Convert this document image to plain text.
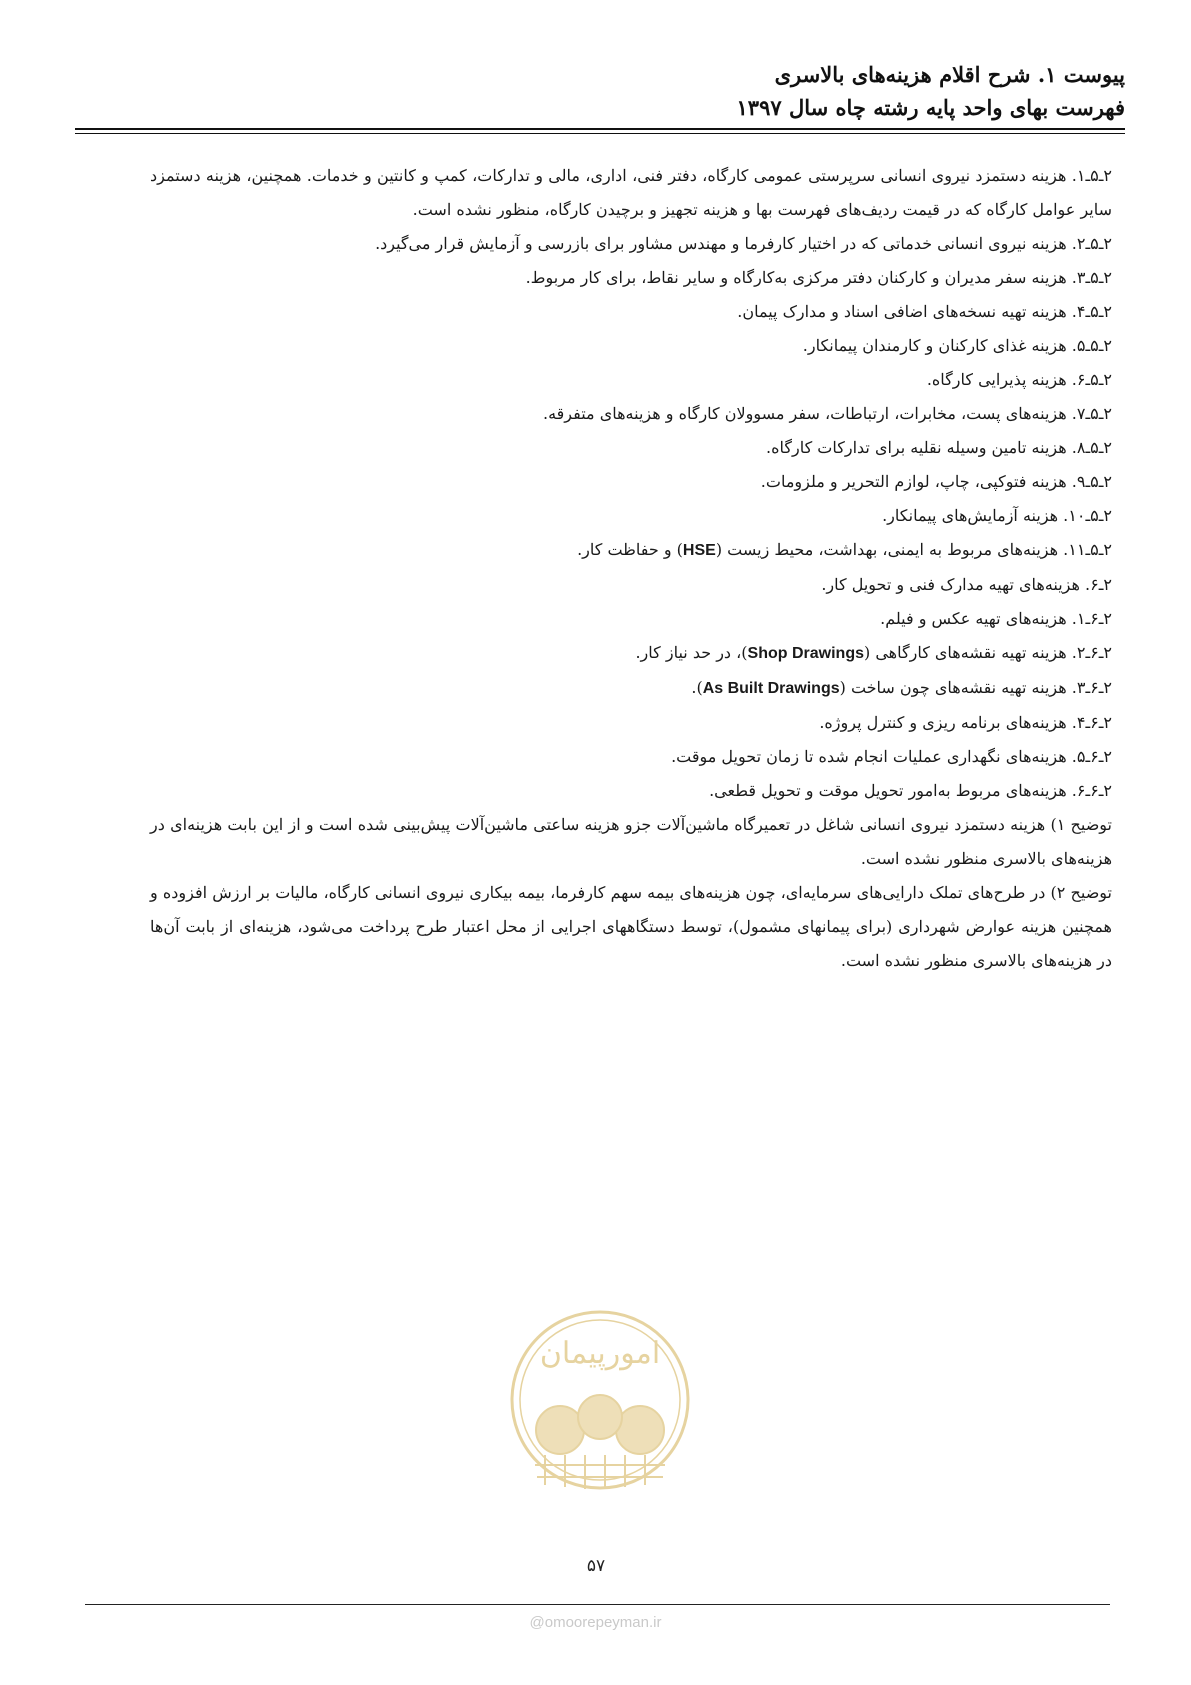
پیوست ۱. شرح اقلام هزینه‌های بالاسری
فهرست بهای واحد پایه رشته چاه سال ۱۳۹۷

۲ـ۵ـ۱. هزینه دستمزد نیروی انسانی سرپرستی عمومی کارگاه، دفتر فنی، اداری، مالی و تدارکات، کمپ و کانتین و خدمات. همچنین، هزینه دستمزد سایر عوامل کارگاه که در قیمت ردیف‌های فهرست بها و هزینه تجهیز و برچیدن کارگاه، منظور نشده است.

۲ـ۵ـ۲. هزینه نیروی انسانی خدماتی که در اختیار کارفرما و مهندس مشاور برای بازرسی و آزمایش قرار می‌گیرد.

۲ـ۵ـ۳. هزینه سفر مدیران و کارکنان دفتر مرکزی به‌کارگاه و سایر نقاط، برای کار مربوط.

۲ـ۵ـ۴. هزینه تهیه نسخه‌های اضافی اسناد و مدارک پیمان.

۲ـ۵ـ۵. هزینه غذای کارکنان و کارمندان پیمانکار.

۲ـ۵ـ۶. هزینه پذیرایی کارگاه.

۲ـ۵ـ۷. هزینه‌های پست، مخابرات، ارتباطات، سفر مسوولان کارگاه و هزینه‌های متفرقه.

۲ـ۵ـ۸. هزینه تامین وسیله نقلیه برای تدارکات کارگاه.

۲ـ۵ـ۹. هزینه فتوکپی، چاپ، لوازم التحریر و ملزومات.

۲ـ۵ـ۱۰. هزینه آزمایش‌های پیمانکار.

۲ـ۵ـ۱۱. هزینه‌های مربوط به ایمنی، بهداشت، محیط زیست (HSE) و حفاظت کار.

۲ـ۶. هزینه‌های تهیه مدارک فنی و تحویل کار.

۲ـ۶ـ۱. هزینه‌های تهیه عکس و فیلم.

۲ـ۶ـ۲. هزینه تهیه نقشه‌های کارگاهی (Shop Drawings)، در حد نیاز کار.

۲ـ۶ـ۳. هزینه تهیه نقشه‌های چون ساخت (As Built Drawings).

۲ـ۶ـ۴. هزینه‌های برنامه ریزی و کنترل پروژه.

۲ـ۶ـ۵. هزینه‌های نگهداری عملیات انجام شده تا زمان تحویل موقت.

۲ـ۶ـ۶. هزینه‌های مربوط به‌امور تحویل موقت و تحویل قطعی.

توضیح ۱) هزینه دستمزد نیروی انسانی شاغل در تعمیرگاه ماشین‌آلات جزو هزینه ساعتی ماشین‌آلات پیش‌بینی شده است و از این بابت هزینه‌ای در هزینه‌های بالاسری منظور نشده است.

توضیح ۲) در طرح‌های تملک دارایی‌های سرمایه‌ای، چون هزینه‌های بیمه سهم کارفرما، بیمه بیکاری نیروی انسانی کارگاه، مالیات بر ارزش افزوده و همچنین هزینه عوارض شهرداری (برای پیمانهای مشمول)، توسط دستگاههای اجرایی از محل اعتبار طرح پرداخت می‌شود، هزینه‌ای از بابت آن‌ها در هزینه‌های بالاسری منظور نشده است.

امورپیمان
۵۷
@omoorepeyman.ir
